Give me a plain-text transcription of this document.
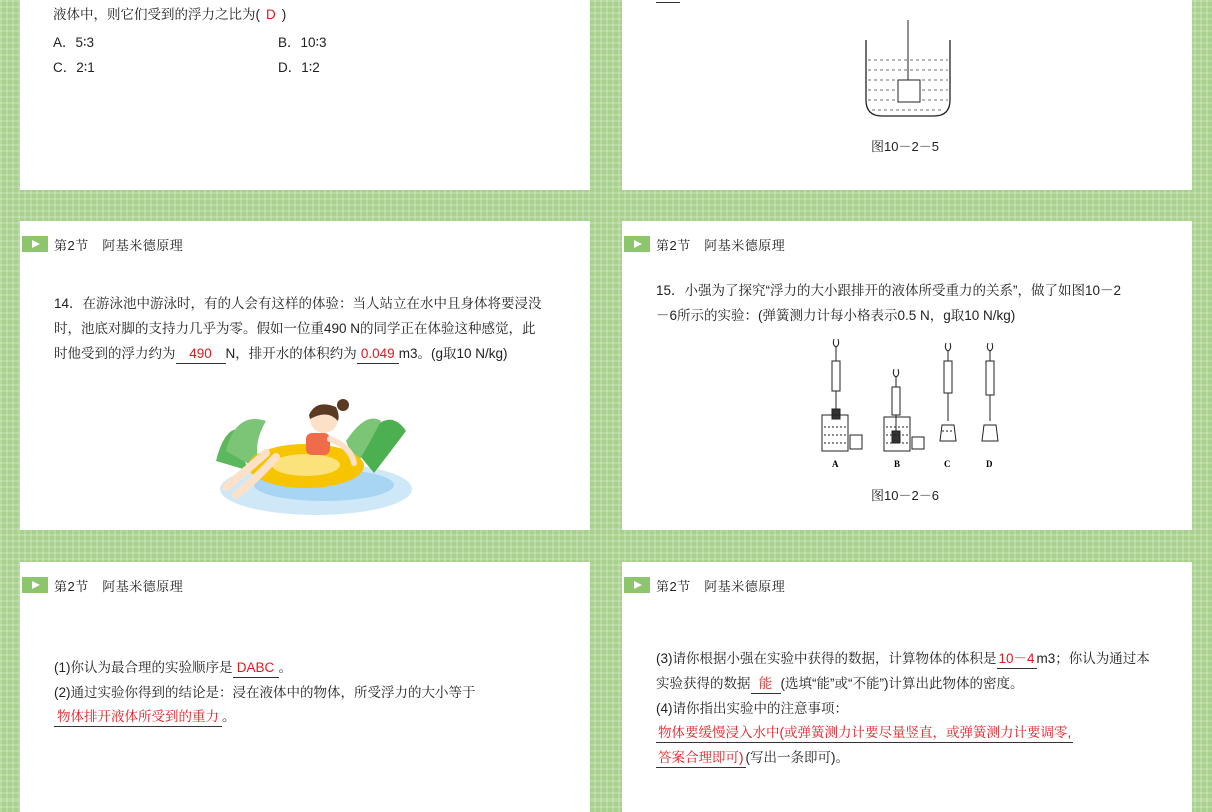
液体中，则它们受到的浮力之比为( D )
A．5∶3	B．10∶3
C．2∶1	D．1∶2
图10－2－5
第2节　阿基米德原理
14．在游泳池中游泳时，有的人会有这样的体验：当人站立在水中且身体将要浸没
时，池底对脚的支持力几乎为零。假如一位重490 N的同学正在体验这种感觉，此
时他受到的浮力约为 490 N，排开水的体积约为 0.049 m3。(g取10 N/kg)
第2节　阿基米德原理
15．小强为了探究“浮力的大小跟排开的液体所受重力的关系”，做了如图10－2
－6所示的实验：(弹簧测力计每小格表示0.5 N，g取10 N/kg)
A	B	C	D
图10－2－6
第2节　阿基米德原理
(1)你认为最合理的实验顺序是 DABC 。
(2)通过实验你得到的结论是：浸在液体中的物体，所受浮力的大小等于
物体排开液体所受到的重力 。
第2节　阿基米德原理
(3)请你根据小强在实验中获得的数据，计算物体的体积是 10－4 m3；你认为通过本
实验获得的数据 能 (选填“能”或“不能”)计算出此物体的密度。
(4)请你指出实验中的注意事项：
物体要缓慢浸入水中(或弹簧测力计要尽量竖直，或弹簧测力计要调零,
答案合理即可) (写出一条即可)。
